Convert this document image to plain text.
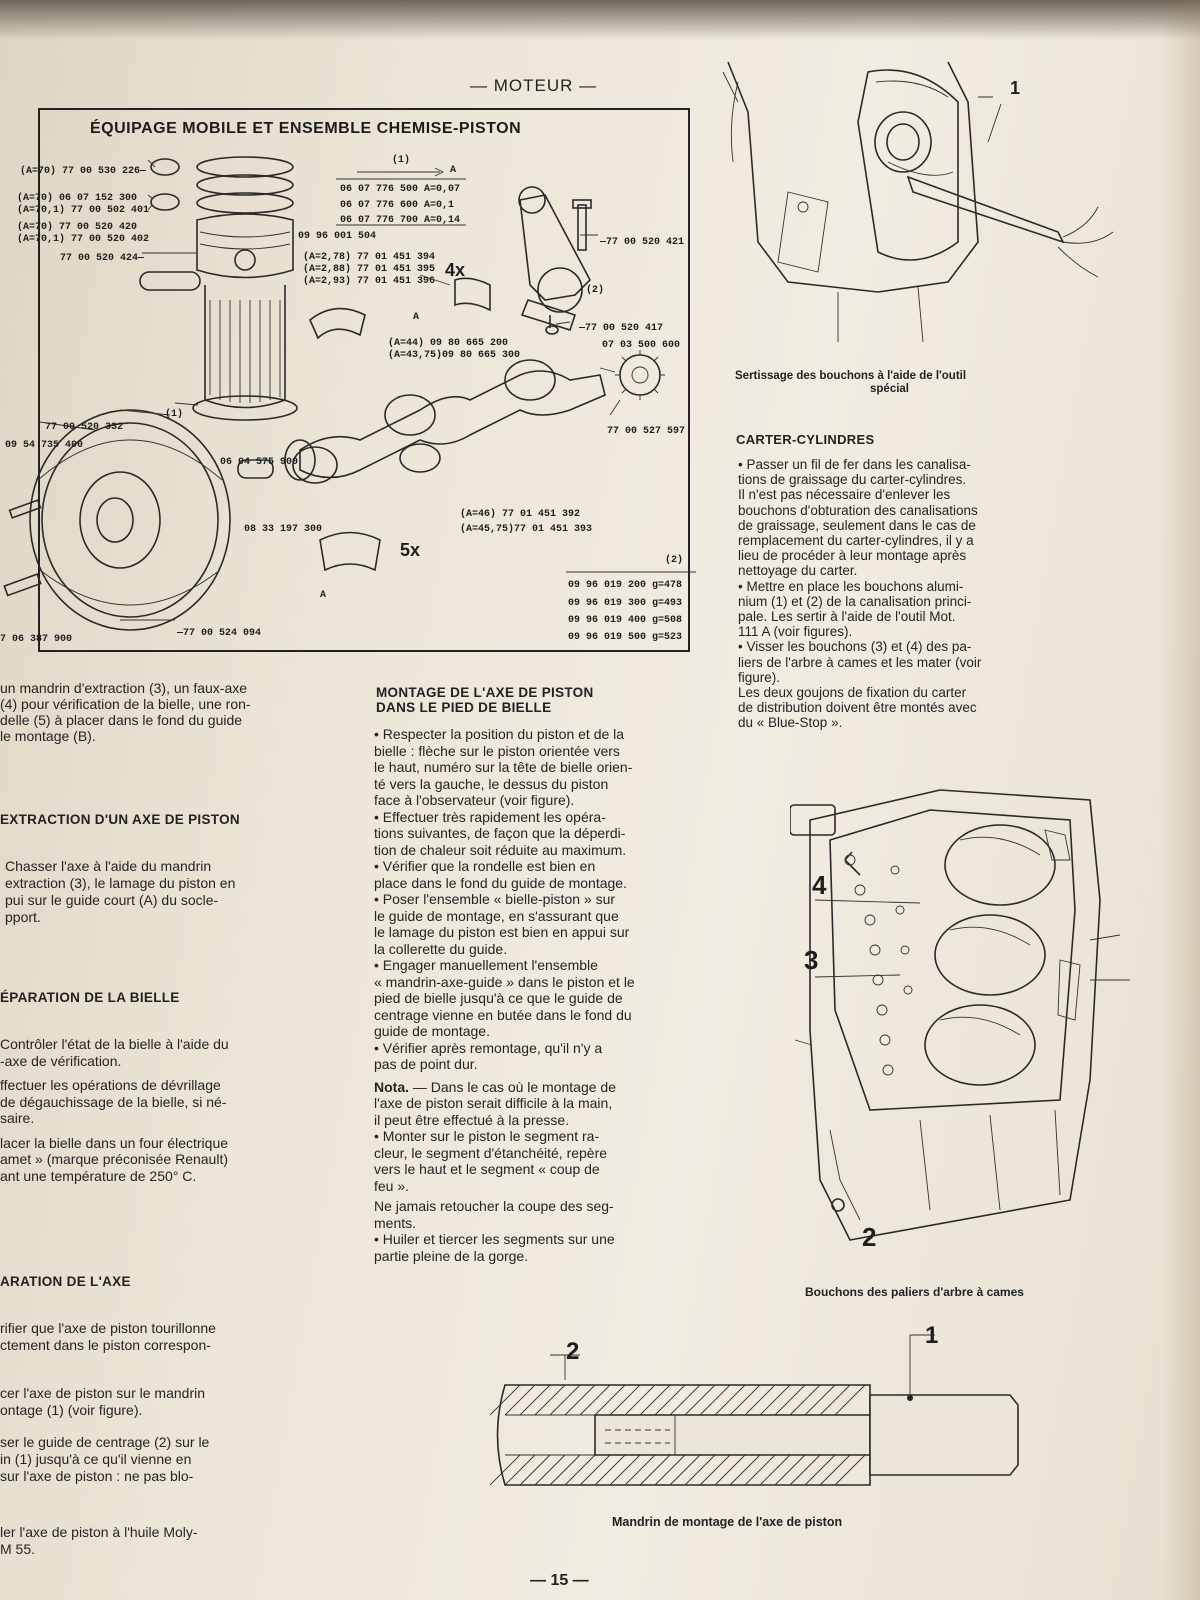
— MOTEUR —
ÉQUIPAGE MOBILE ET ENSEMBLE CHEMISE-PISTON
(A=70) 77 00 530 226—
(A=70) 06 07 152 300
(A=70,1) 77 00 502 401
(A=70) 77 00 520 420
(A=70,1) 77 00 520 402
77 00 520 424—
(1)
A
06 07 776 500 A=0,07
06 07 776 600 A=0,1
06 07 776 700 A=0,14
09 96 001 504
(A=2,78) 77 01 451 394
(A=2,88) 77 01 451 395
(A=2,93) 77 01 451 396
4x
—77 00 520 421
(2)
—77 00 520 417
A
(A=44) 09 80 665 200
(A=43,75)09 80 665 300
07 03 500 600
77 00 527 597
(1)
77 00 520 332
09 54 735 400
06 04 575 900
08 33 197 300
(A=46) 77 01 451 392
(A=45,75)77 01 451 393
5x
A
(2)
09 96 019 200 g=478
09 96 019 300 g=493
09 96 019 400 g=508
09 96 019 500 g=523
7 06 387 900
—77 00 524 094
1
Sertissage des bouchons à l'aide de l'outil
spécial
CARTER-CYLINDRES

• Passer un fil de fer dans les canalisa-

tions de graissage du carter-cylindres.

Il n'est pas nécessaire d'enlever les

bouchons d'obturation des canalisations

de graissage, seulement dans le cas de

remplacement du carter-cylindres, il y a

lieu de procéder à leur montage après

nettoyage du carter.

• Mettre en place les bouchons alumi-

nium (1) et (2) de la canalisation princi-

pale. Les sertir à l'aide de l'outil Mot.

111 A (voir figures).

• Visser les bouchons (3) et (4) des pa-

liers de l'arbre à cames et les mater (voir

figure).

Les deux goujons de fixation du carter

de distribution doivent être montés avec

du « Blue-Stop ».

4
3
2
Bouchons des paliers d'arbre à cames

un mandrin d'extraction (3), un faux-axe

(4) pour vérification de la bielle, une ron-

delle (5) à placer dans le fond du guide

le montage (B).

EXTRACTION D'UN AXE DE PISTON

Chasser l'axe à l'aide du mandrin

extraction (3), le lamage du piston en

pui sur le guide court (A) du socle-

pport.

ÉPARATION DE LA BIELLE

Contrôler l'état de la bielle à l'aide du

-axe de vérification.

ffectuer les opérations de dévrillage

de dégauchissage de la bielle, si né-

saire.

lacer la bielle dans un four électrique

amet » (marque préconisée Renault)

ant une température de 250° C.

ARATION DE L'AXE

rifier que l'axe de piston tourillonne

ctement dans le piston correspon-

cer l'axe de piston sur le mandrin

ontage (1) (voir figure).

ser le guide de centrage (2) sur le

in (1) jusqu'à ce qu'il vienne en

sur l'axe de piston : ne pas blo-

ler l'axe de piston à l'huile Moly-

M 55.

MONTAGE DE L'AXE DE PISTON
DANS LE PIED DE BIELLE

• Respecter la position du piston et de la

bielle : flèche sur le piston orientée vers

le haut, numéro sur la tête de bielle orien-

té vers la gauche, le dessus du piston

face à l'observateur (voir figure).

• Effectuer très rapidement les opéra-

tions suivantes, de façon que la déperdi-

tion de chaleur soit réduite au maximum.

• Vérifier que la rondelle est bien en

place dans le fond du guide de montage.

• Poser l'ensemble « bielle-piston » sur

le guide de montage, en s'assurant que

le lamage du piston est bien en appui sur

la collerette du guide.

• Engager manuellement l'ensemble

« mandrin-axe-guide » dans le piston et le

pied de bielle jusqu'à ce que le guide de

centrage vienne en butée dans le fond du

guide de montage.

• Vérifier après remontage, qu'il n'y a

pas de point dur.

Nota. — Dans le cas où le montage de

l'axe de piston serait difficile à la main,

il peut être effectué à la presse.

• Monter sur le piston le segment ra-

cleur, le segment d'étanchéité, repère

vers le haut et le segment « coup de

feu ».

Ne jamais retoucher la coupe des seg-

ments.

• Huiler et tiercer les segments sur une

partie pleine de la gorge.

2
1
Mandrin de montage de l'axe de piston
— 15 —
